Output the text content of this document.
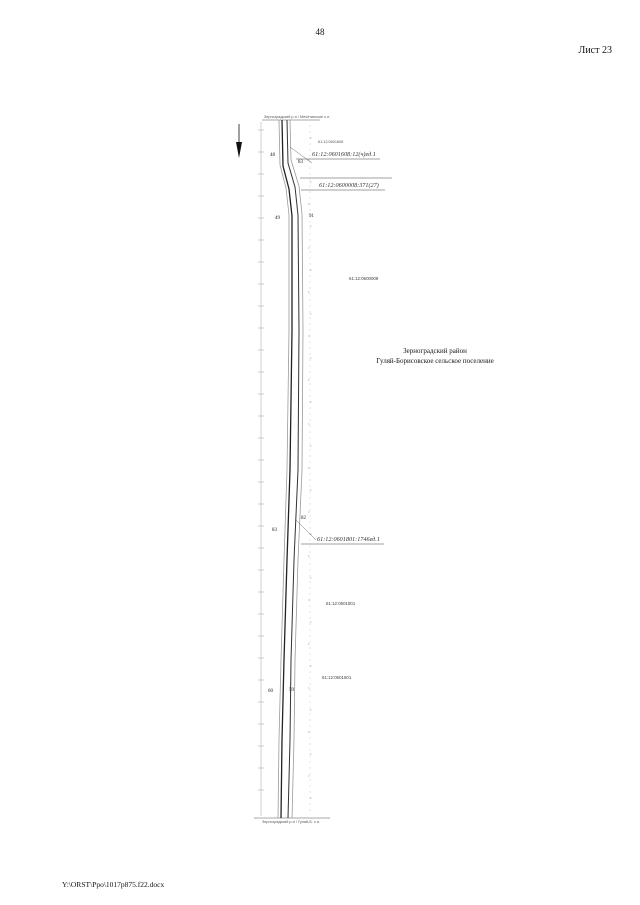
48
Лист 23
Зерноградский р-н / Мечётинское с.п.
Зерноградский р-н / Гуляй-Б. с.п.
61:12:0601608:12(ч)ед.1
61:12:0600008:371(27)
61:12:0601801:1746ед.1
61:12:0601608
61:12:0600008
61:12:0601801
61:12:0601801
48
83
49	91
83
82
60	59
Зерноградский район
Гуляй-Борисовское сельское поселение
Y:\ORST\Ppo\1017p875.f22.docx
